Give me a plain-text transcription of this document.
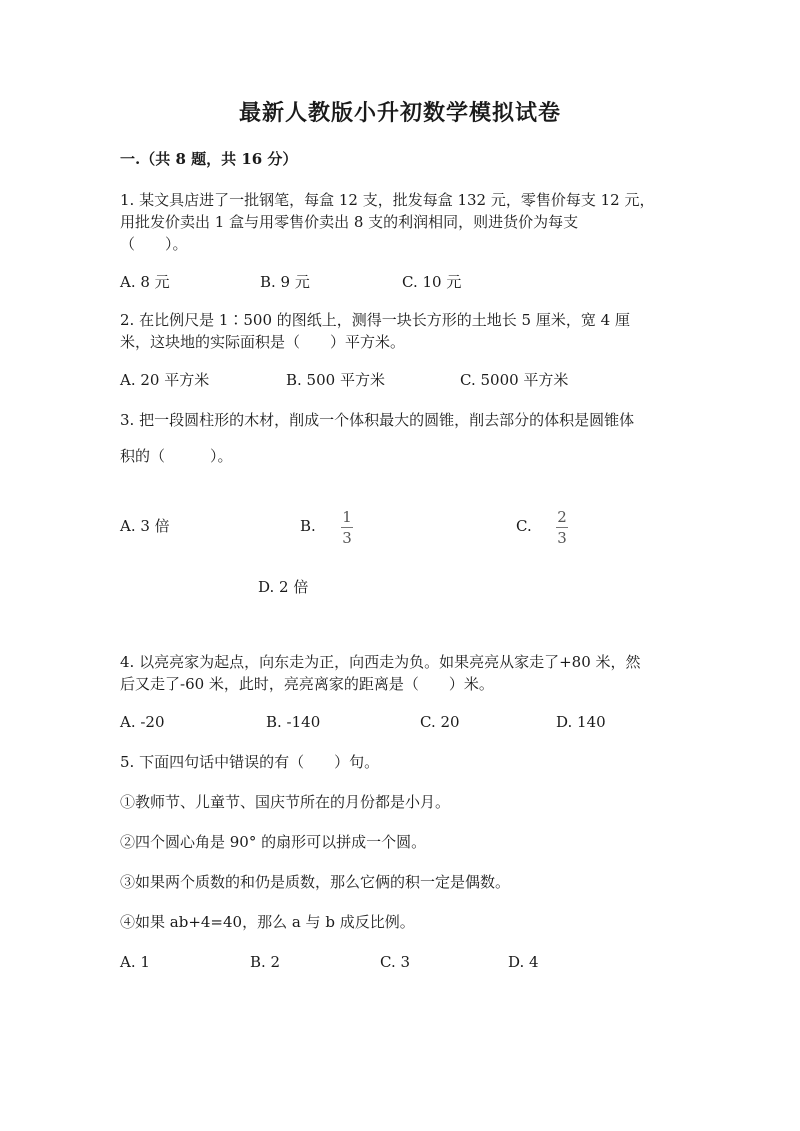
最新人教版小升初数学模拟试卷
一.（共 8 题，共 16 分）
1. 某文具店进了一批钢笔，每盒 12 支，批发每盒 132 元，零售价每支 12 元，
用批发价卖出 1 盒与用零售价卖出 8 支的利润相同，则进货价为每支
（　　）。
A. 8 元	B. 9 元	C. 10 元
2. 在比例尺是 1∶500 的图纸上，测得一块长方形的土地长 5 厘米，宽 4 厘
米，这块地的实际面积是（　　）平方米。
A. 20 平方米	B. 500 平方米	C. 5000 平方米
3. 把一段圆柱形的木材，削成一个体积最大的圆锥，削去部分的体积是圆锥体
积的（　　　）。
A. 3 倍	B. 1
3
C. 2
3
D. 2 倍
4. 以亮亮家为起点，向东走为正，向西走为负。如果亮亮从家走了+80 米，然
后又走了-60 米，此时，亮亮离家的距离是（　　）米。
A. -20	B. -140	C. 20	D. 140
5. 下面四句话中错误的有（　　）句。
①教师节、儿童节、国庆节所在的月份都是小月。
②四个圆心角是 90° 的扇形可以拼成一个圆。
③如果两个质数的和仍是质数，那么它俩的积一定是偶数。
④如果 ab+4=40，那么 a 与 b 成反比例。
A. 1	B. 2	C. 3	D. 4
